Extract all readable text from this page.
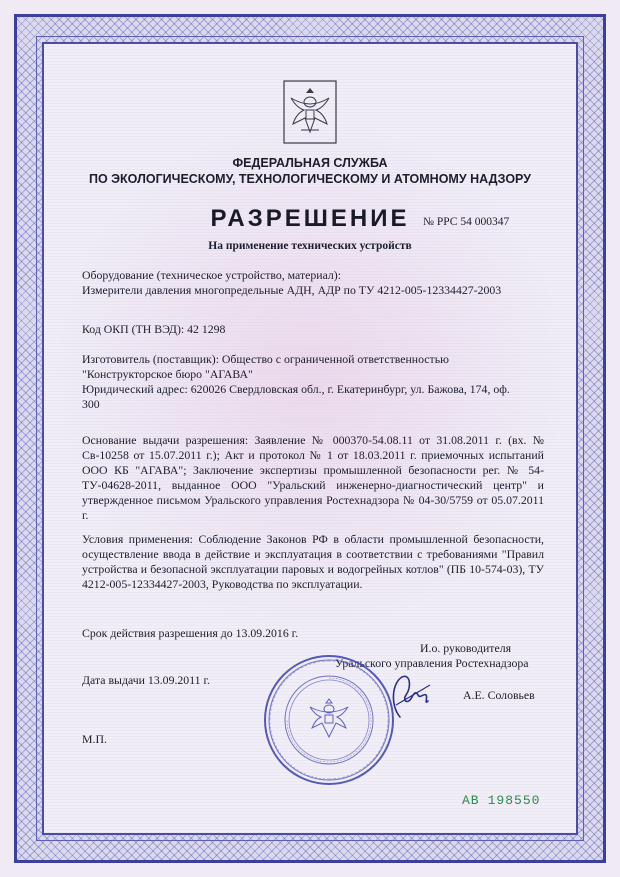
ФЕДЕРАЛЬНАЯ СЛУЖБА
ПО ЭКОЛОГИЧЕСКОМУ, ТЕХНОЛОГИЧЕСКОМУ И АТОМНОМУ НАДЗОРУ
РАЗРЕШЕНИЕ	№ РРС 54 000347
На применение технических устройств
Оборудование (техническое устройство, материал):
Измерители давления многопредельные АДН, АДР по ТУ 4212-005-12334427-2003
Код ОКП (ТН ВЭД): 42 1298
Изготовитель (поставщик): Общество с ограниченной ответственностью
"Конструкторское бюро "АГАВА"
Юридический адрес: 620026 Свердловская обл., г. Екатеринбург, ул. Бажова, 174, оф.
300
Основание выдачи разрешения: Заявление № 000370-54.08.11 от 31.08.2011 г. (вх. № Св-10258 от 15.07.2011 г.); Акт и протокол № 1 от 18.03.2011 г. приемочных испытаний ООО КБ "АГАВА"; Заключение экспертизы промышленной безопасности рег. № 54-ТУ-04628-2011, выданное ООО "Уральский инженерно-диагностический центр" и утвержденное письмом Уральского управления Ростехнадзора № 04-30/5759 от 05.07.2011 г.
Условия применения: Соблюдение Законов РФ в области промышленной безопасности, осуществление ввода в действие и эксплуатация в соответствии с требованиями "Правил устройства и безопасной эксплуатации паровых и водогрейных котлов" (ПБ 10-574-03), ТУ 4212-005-12334427-2003, Руководства по эксплуатации.
Срок действия разрешения до 13.09.2016 г.
И.о. руководителя
Уральского управления Ростехнадзора
Дата выдачи 13.09.2011 г.
А.Е. Соловьев
М.П.
АВ 198550
